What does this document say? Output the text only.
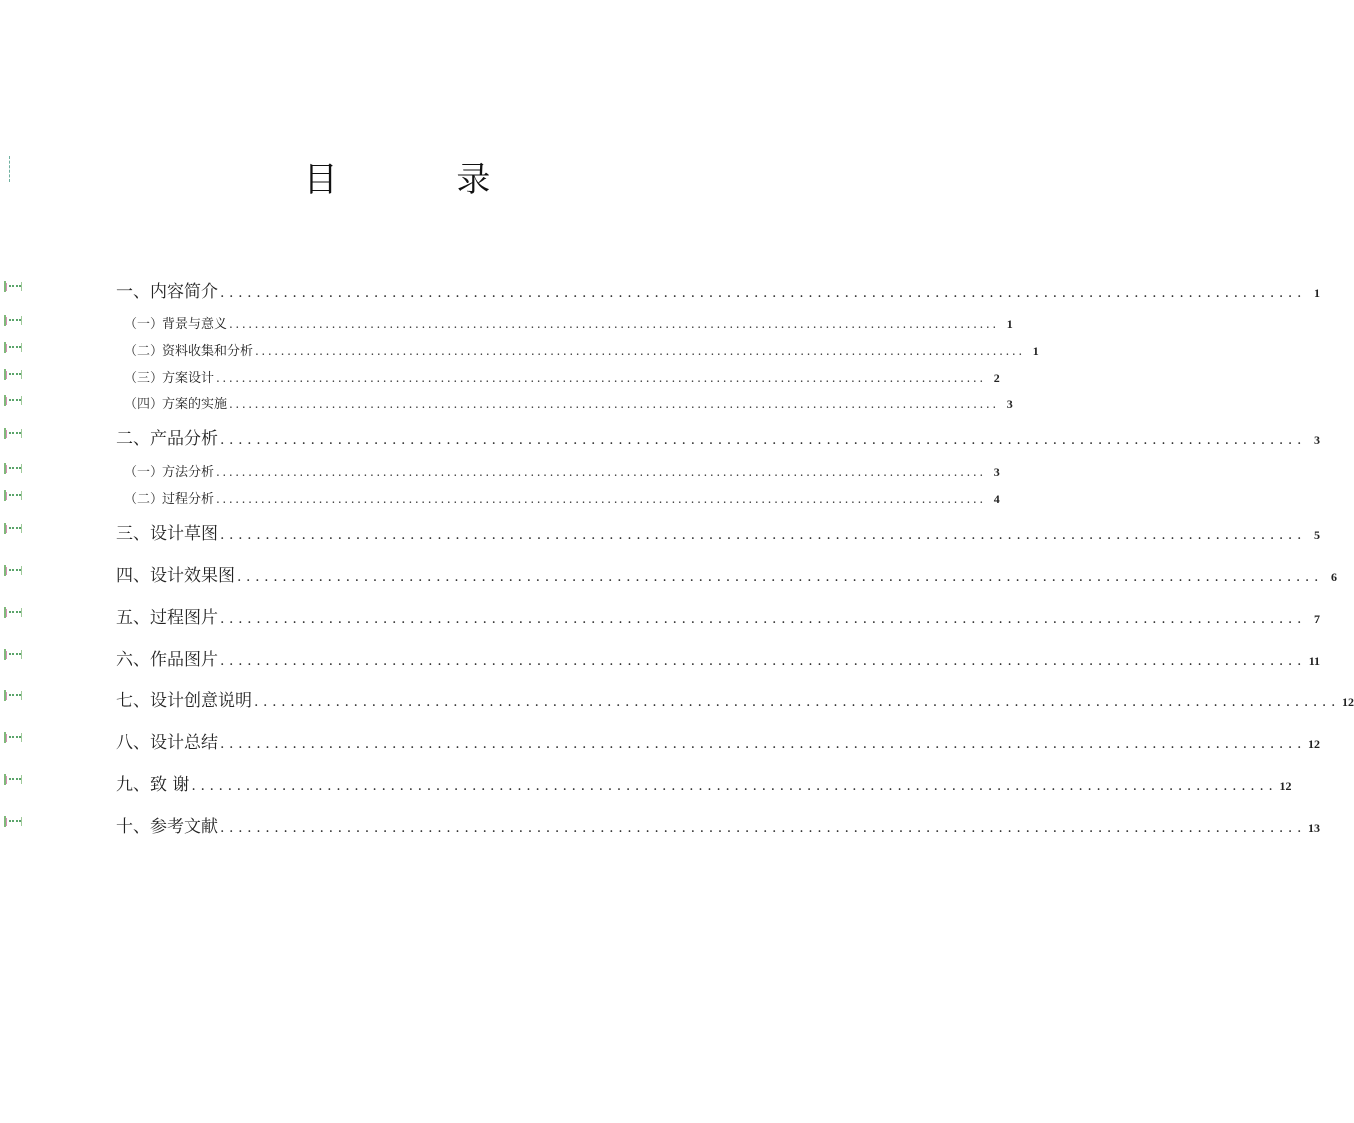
目 录
一、 内容简介 ........................................................................................................................ 1
（一）
背景与意义 ........................................................................................................................ 1
（二）
资料收集和分析 ........................................................................................................................ 1
（三）
方案设计 ........................................................................................................................ 2
（四）
方案的实施 ........................................................................................................................ 3
二、 产品分析 ........................................................................................................................ 3
（一）
方法分析 ........................................................................................................................ 3
（二）
过程分析 ........................................................................................................................ 4
三、 设计草图 ........................................................................................................................ 5
四、 设计效果图 ........................................................................................................................ 6
五、 过程图片 ........................................................................................................................ 7
六、 作品图片 ........................................................................................................................ 11
七、 设计创意说明 ........................................................................................................................ 12
八、 设计总结 ........................................................................................................................ 12
九、 致 谢 ........................................................................................................................ 12
十、 参考文献 ........................................................................................................................ 13
